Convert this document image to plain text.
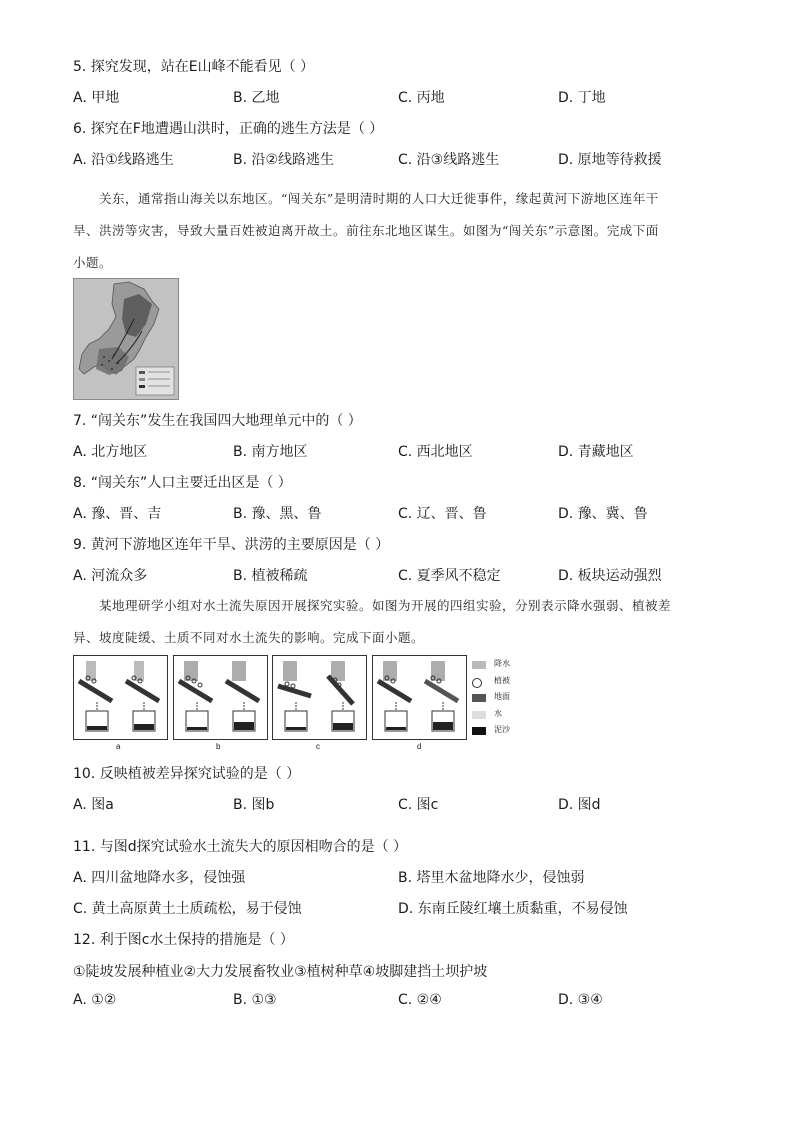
5. 探究发现，站在E山峰不能看见（ ）
A. 甲地	B. 乙地	C. 丙地	D. 丁地
6. 探究在F地遭遇山洪时，正确的逃生方法是（ ）
A. 沿①线路逃生	B. 沿②线路逃生	C. 沿③线路逃生	D. 原地等待救援
关东，通常指山海关以东地区。“闯关东”是明清时期的人口大迁徙事件，缘起黄河下游地区连年干
旱、洪涝等灾害，导致大量百姓被迫离开故土。前往东北地区谋生。如图为“闯关东”示意图。完成下面
小题。
7. “闯关东”发生在我国四大地理单元中的（ ）
A. 北方地区	B. 南方地区	C. 西北地区	D. 青藏地区
8. “闯关东”人口主要迁出区是（ ）
A. 豫、晋、吉	B. 豫、黑、鲁	C. 辽、晋、鲁	D. 豫、冀、鲁
9. 黄河下游地区连年干旱、洪涝的主要原因是（ ）
A. 河流众多	B. 植被稀疏	C. 夏季风不稳定	D. 板块运动强烈
某地理研学小组对水土流失原因开展探究实验。如图为开展的四组实验，分别表示降水强弱、植被差
异、坡度陡缓、土质不同对水土流失的影响。完成下面小题。
a	b	c	d
降水
植被
地面
水
泥沙
10. 反映植被差异探究试验的是（ ）
A. 图a	B. 图b	C. 图c	D. 图d
11. 与图d探究试验水土流失大的原因相吻合的是（ ）
A. 四川盆地降水多，侵蚀强	B. 塔里木盆地降水少，侵蚀弱
C. 黄土高原黄土土质疏松，易于侵蚀	D. 东南丘陵红壤土质黏重，不易侵蚀
12. 利于图c水土保持的措施是（ ）
①陡坡发展种植业②大力发展畜牧业③植树种草④坡脚建挡土坝护坡
A. ①②	B. ①③	C. ②④	D. ③④
